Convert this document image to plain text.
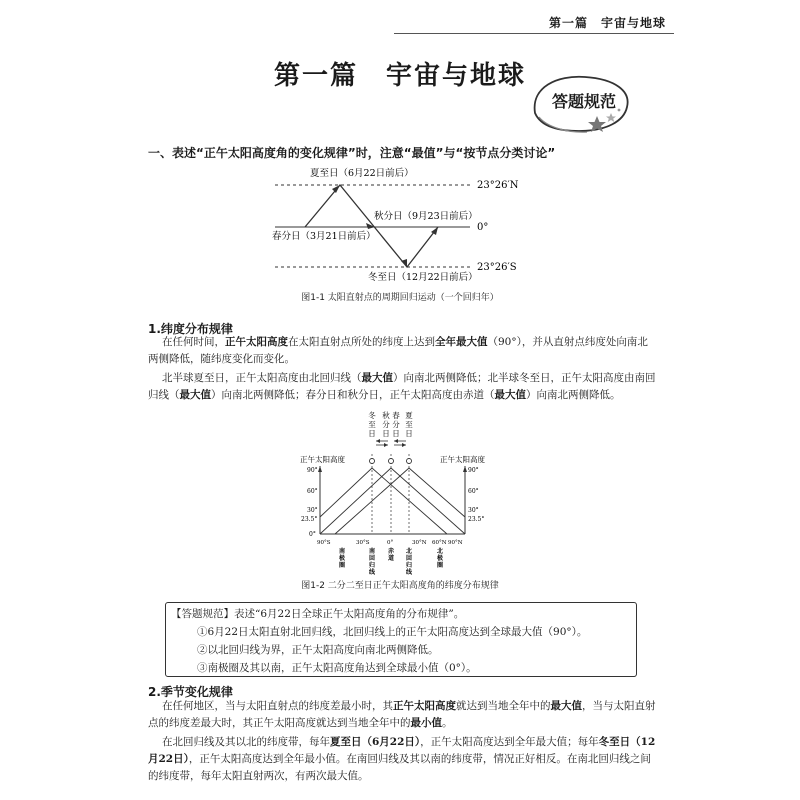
第一篇　宇宙与地球
第一篇　宇宙与地球
答题规范
一、表述“正午太阳高度角的变化规律”时，注意“最值”与“按节点分类讨论”
夏至日（6月22日前后）
秋分日（9月23日前后）
春分日（3月21日前后）
冬至日（12月22日前后）
23°26′N
0°
23°26′S
图1-1 太阳直射点的周期回归运动（一个回归年）
1.纬度分布规律
在任何时间，正午太阳高度在太阳直射点所处的纬度上达到全年最大值（90°），并从直射点纬度处向南北两侧降低，随纬度变化而变化。
北半球夏至日，正午太阳高度由北回归线（最大值）向南北两侧降低；北半球冬至日，正午太阳高度由南回归线（最大值）向南北两侧降低；春分日和秋分日，正午太阳高度由赤道（最大值）向南北两侧降低。
冬至日
秋分日
春分日
夏至日
正午太阳高度	正午太阳高度
90°
60°
30°
23.5°
0°
90°
60°
30°
23.5°
90°S	30°S	0°	30°N 60°N 90°N
南极圈
南回归线
赤道
北回归线
北极圈
图1-2 二分二至日正午太阳高度角的纬度分布规律
【答题规范】表述“6月22日全球正午太阳高度角的分布规律”。
①6月22日太阳直射北回归线，北回归线上的正午太阳高度达到全球最大值（90°）。
②以北回归线为界，正午太阳高度向南北两侧降低。
③南极圈及其以南，正午太阳高度角达到全球最小值（0°）。
2.季节变化规律
在任何地区，当与太阳直射点的纬度差最小时，其正午太阳高度就达到当地全年中的最大值，当与太阳直射点的纬度差最大时，其正午太阳高度就达到当地全年中的最小值。
在北回归线及其以北的纬度带，每年夏至日（6月22日），正午太阳高度达到全年最大值；每年冬至日（12月22日），正午太阳高度达到全年最小值。在南回归线及其以南的纬度带，情况正好相反。在南北回归线之间的纬度带，每年太阳直射两次，有两次最大值。
